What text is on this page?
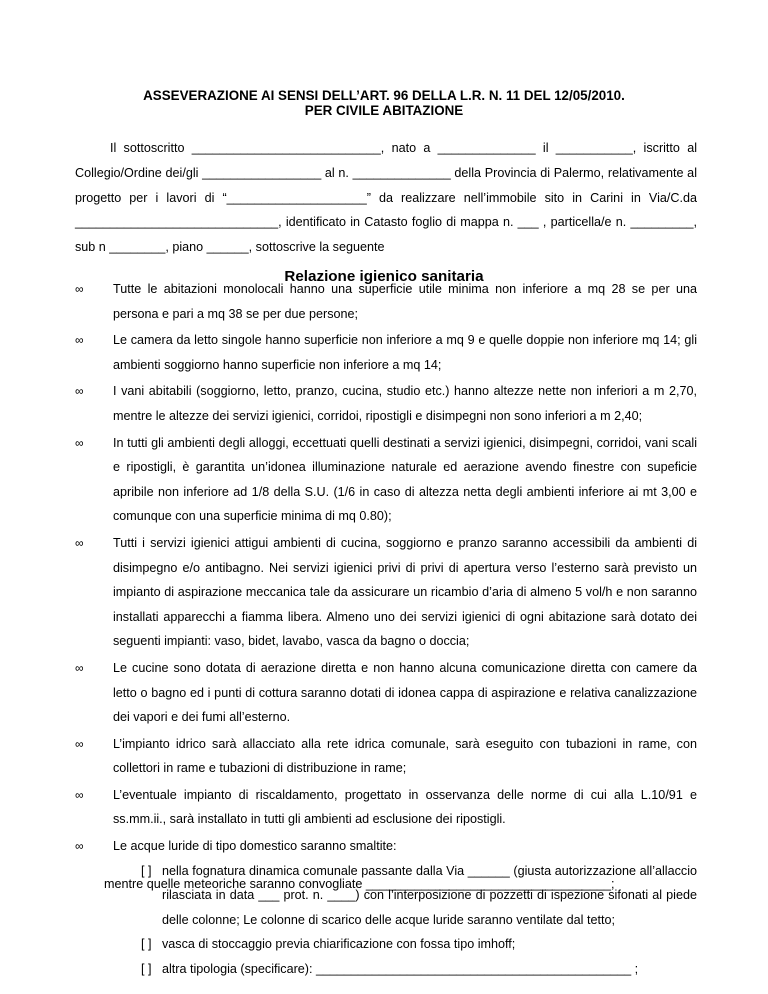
ASSEVERAZIONE AI SENSI DELL’ART. 96 DELLA L.R. N. 11 DEL 12/05/2010.
PER CIVILE ABITAZIONE

Il sottoscritto ___________________________, nato a ______________ il ___________, iscritto al Collegio/Ordine dei/gli _________________ al n. ______________ della Provincia di Palermo, relativamente al progetto per i lavori di “____________________” da realizzare nell’immobile sito in Carini in Via/C.da _____________________________, identificato in Catasto foglio di mappa n. ___ , particella/e n. _________, sub n ________, piano ______, sottoscrive la seguente

Relazione igienico sanitaria
∞	Tutte le abitazioni monolocali hanno una superficie utile minima non inferiore a mq 28 se per una persona e pari a mq 38 se per due persone;
∞	Le camera da letto singole hanno superficie non inferiore a mq 9 e quelle doppie non inferiore mq 14; gli ambienti soggiorno hanno superficie non inferiore a mq 14;
∞	I vani abitabili (soggiorno, letto, pranzo, cucina, studio etc.) hanno altezze nette non inferiori a m 2,70, mentre le altezze dei servizi igienici, corridoi, ripostigli e disimpegni non sono inferiori a m 2,40;
∞	In tutti gli ambienti degli alloggi, eccettuati quelli destinati a servizi igienici, disimpegni, corridoi, vani scali e ripostigli, è garantita un’idonea illuminazione naturale ed aerazione avendo finestre con supeficie apribile non inferiore ad 1/8 della S.U. (1/6 in caso di altezza netta degli ambienti inferiore ai mt 3,00 e comunque con una superficie minima di mq 0.80);
∞	Tutti i servizi igienici attigui ambienti di cucina, soggiorno e pranzo saranno accessibili da ambienti di disimpegno e/o antibagno. Nei servizi igienici privi di privi di apertura verso l’esterno sarà previsto un impianto di aspirazione meccanica tale da assicurare un ricambio d’aria di almeno 5 vol/h e non saranno installati apparecchi a fiamma libera. Almeno uno dei servizi igienici di ogni abitazione sarà dotato dei seguenti impianti: vaso, bidet, lavabo, vasca da bagno o doccia;
∞	Le cucine sono dotata di aerazione diretta e non hanno alcuna comunicazione diretta con camere da letto o bagno ed i punti di cottura saranno dotati di idonea cappa di aspirazione e relativa canalizzazione dei vapori e dei fumi all’esterno.
∞	L’impianto idrico sarà allacciato alla rete idrica comunale, sarà eseguito con tubazioni in rame, con collettori in rame e tubazioni di distribuzione in rame;
∞	L’eventuale impianto di riscaldamento, progettato in osservanza delle norme di cui alla L.10/91 e ss.mm.ii., sarà installato in tutti gli ambienti ad esclusione dei ripostigli.
∞	Le acque luride di tipo domestico saranno smaltite:
[ ] nella fognatura dinamica comunale passante dalla Via ______ (giusta autorizzazione all’allaccio rilasciata in data ___ prot. n. ____) con l’interposizione di pozzetti di ispezione sifonati al piede delle colonne; Le colonne di scarico delle acque luride saranno ventilate dal tetto;
[ ] vasca di stoccaggio previa chiarificazione con fossa tipo imhoff;
[ ] altra tipologia (specificare): _____________________________________________ ;
mentre quelle meteoriche saranno convogliate ___________________________________;
